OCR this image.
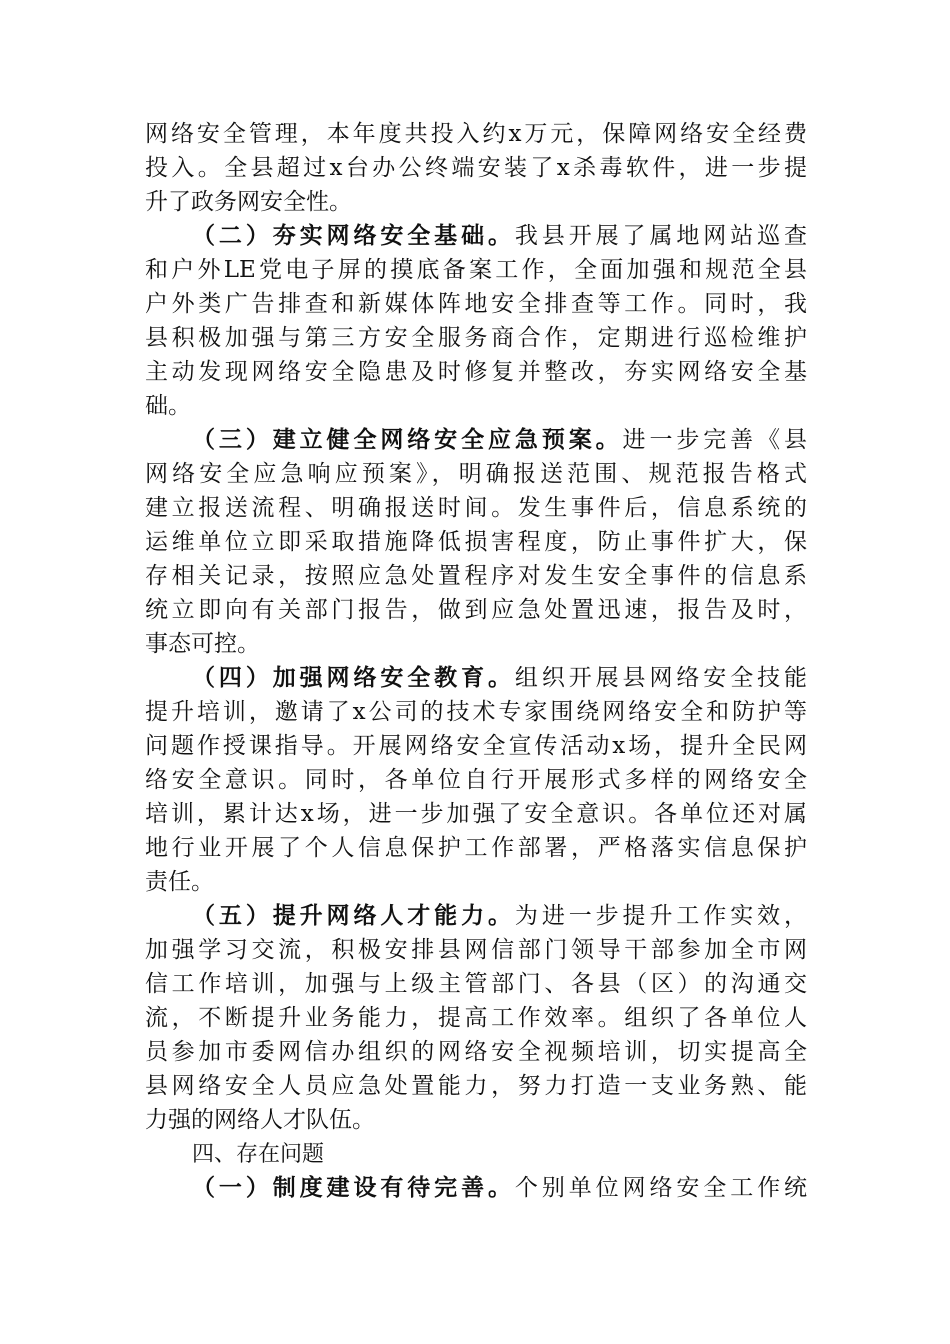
网络安全管理，本年度共投入约x万元，保障网络安全经费
投入。全县超过x台办公终端安装了x杀毒软件，进一步提
升了政务网安全性。
（二）夯实网络安全基础。我县开展了属地网站巡查
和户外LE党电子屏的摸底备案工作，全面加强和规范全县
户外类广告排查和新媒体阵地安全排查等工作。同时，我
县积极加强与第三方安全服务商合作，定期进行巡检维护
主动发现网络安全隐患及时修复并整改，夯实网络安全基
础。
（三）建立健全网络安全应急预案。进一步完善《县
网络安全应急响应预案》，明确报送范围、规范报告格式
建立报送流程、明确报送时间。发生事件后，信息系统的
运维单位立即采取措施降低损害程度，防止事件扩大，保
存相关记录，按照应急处置程序对发生安全事件的信息系
统立即向有关部门报告，做到应急处置迅速，报告及时，
事态可控。
（四）加强网络安全教育。组织开展县网络安全技能
提升培训，邀请了x公司的技术专家围绕网络安全和防护等
问题作授课指导。开展网络安全宣传活动x场，提升全民网
络安全意识。同时，各单位自行开展形式多样的网络安全
培训，累计达x场，进一步加强了安全意识。各单位还对属
地行业开展了个人信息保护工作部署，严格落实信息保护
责任。
（五）提升网络人才能力。为进一步提升工作实效，
加强学习交流，积极安排县网信部门领导干部参加全市网
信工作培训，加强与上级主管部门、各县（区）的沟通交
流，不断提升业务能力，提高工作效率。组织了各单位人
员参加市委网信办组织的网络安全视频培训，切实提高全
县网络安全人员应急处置能力，努力打造一支业务熟、能
力强的网络人才队伍。
四、存在问题
（一）制度建设有待完善。个别单位网络安全工作统
